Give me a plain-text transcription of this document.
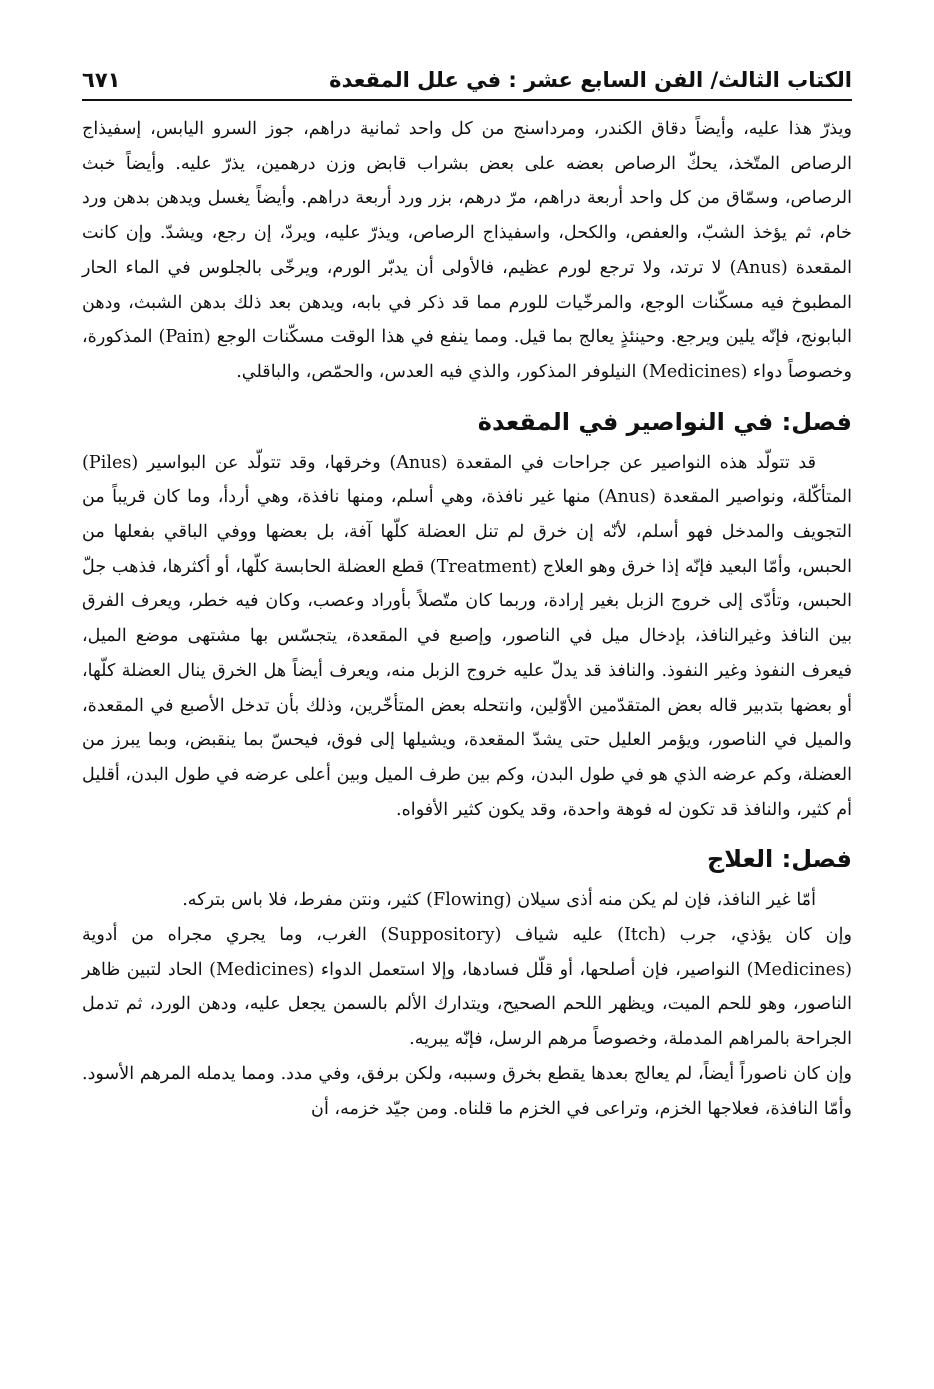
الكتاب الثالث/ الفن السابع عشر : في علل المقعدة
٦٧١

ويذرّ هذا عليه، وأيضاً دقاق الكندر، ومرداسنج من كل واحد ثمانية دراهم، جوز السرو اليابس، إسفيذاج الرصاص المتّخذ، يحكّ الرصاص بعضه على بعض بشراب قابض وزن درهمين، يذرّ عليه. وأيضاً خبث الرصاص، وسمّاق من كل واحد أربعة دراهم، مرّ درهم، بزر ورد أربعة دراهم. وأيضاً يغسل ويدهن بدهن ورد خام، ثم يؤخذ الشبّ، والعفص، والكحل، واسفيذاج الرصاص، ويذرّ عليه، ويردّ، إن رجع، ويشدّ. وإن كانت المقعدة (Anus) لا ترتد، ولا ترجع لورم عظيم، فالأولى أن يدبّر الورم، ويرخّى بالجلوس في الماء الحار المطبوخ فيه مسكّنات الوجع، والمرخّيات للورم مما قد ذكر في بابه، ويدهن بعد ذلك بدهن الشبث، ودهن البابونج، فإنّه يلين ويرجع. وحينئذٍ يعالج بما قيل. ومما ينفع في هذا الوقت مسكّنات الوجع (Pain) المذكورة، وخصوصاً دواء (Medicines) النيلوفر المذكور، والذي فيه العدس، والحمّص، والباقلي.

فصل: في النواصير في المقعدة

قد تتولّد هذه النواصير عن جراحات في المقعدة (Anus) وخرقها، وقد تتولّد عن البواسير (Piles) المتأكّلة، ونواصير المقعدة (Anus) منها غير نافذة، وهي أسلم، ومنها نافذة، وهي أردأ، وما كان قريباً من التجويف والمدخل فهو أسلم، لأنّه إن خرق لم تنل العضلة كلّها آفة، بل بعضها ووفي الباقي بفعلها من الحبس، وأمّا البعيد فإنّه إذا خرق وهو العلاج (Treatment) قطع العضلة الحابسة كلّها، أو أكثرها، فذهب جلّ الحبس، وتأدّى إلى خروج الزبل بغير إرادة، وربما كان متّصلاً بأوراد وعصب، وكان فيه خطر، ويعرف الفرق بين النافذ وغيرالنافذ، بإدخال ميل في الناصور، وإصبع في المقعدة، يتجسّس بها مشتهى موضع الميل، فيعرف النفوذ وغير النفوذ. والنافذ قد يدلّ عليه خروج الزبل منه، ويعرف أيضاً هل الخرق ينال العضلة كلّها، أو بعضها بتدبير قاله بعض المتقدّمين الأوّلين، وانتحله بعض المتأخّرين، وذلك بأن تدخل الأصبع في المقعدة، والميل في الناصور، ويؤمر العليل حتى يشدّ المقعدة، ويشيلها إلى فوق، فيحسّ بما ينقبض، وبما يبرز من العضلة، وكم عرضه الذي هو في طول البدن، وكم بين طرف الميل وبين أعلى عرضه في طول البدن، أقليل أم كثير، والنافذ قد تكون له فوهة واحدة، وقد يكون كثير الأفواه.

فصل: العلاج

أمّا غير النافذ، فإن لم يكن منه أذى سيلان (Flowing) كثير، ونتن مفرط، فلا باس بتركه.

وإن كان يؤذي، جرب (Itch) عليه شياف (Suppository) الغرب، وما يجري مجراه من أدوية (Medicines) النواصير، فإن أصلحها، أو قلّل فسادها، وإلا استعمل الدواء (Medicines) الحاد لتبين ظاهر الناصور، وهو للحم الميت، ويظهر اللحم الصحيح، ويتدارك الألم بالسمن يجعل عليه، ودهن الورد، ثم تدمل الجراحة بالمراهم المدملة، وخصوصاً مرهم الرسل، فإنّه يبريه.

وإن كان ناصوراً أيضاً، لم يعالج بعدها يقطع بخرق وسببه، ولكن برفق، وفي مدد. ومما يدمله المرهم الأسود. وأمّا النافذة، فعلاجها الخزم، وتراعى في الخزم ما قلناه. ومن جيّد خزمه، أن
